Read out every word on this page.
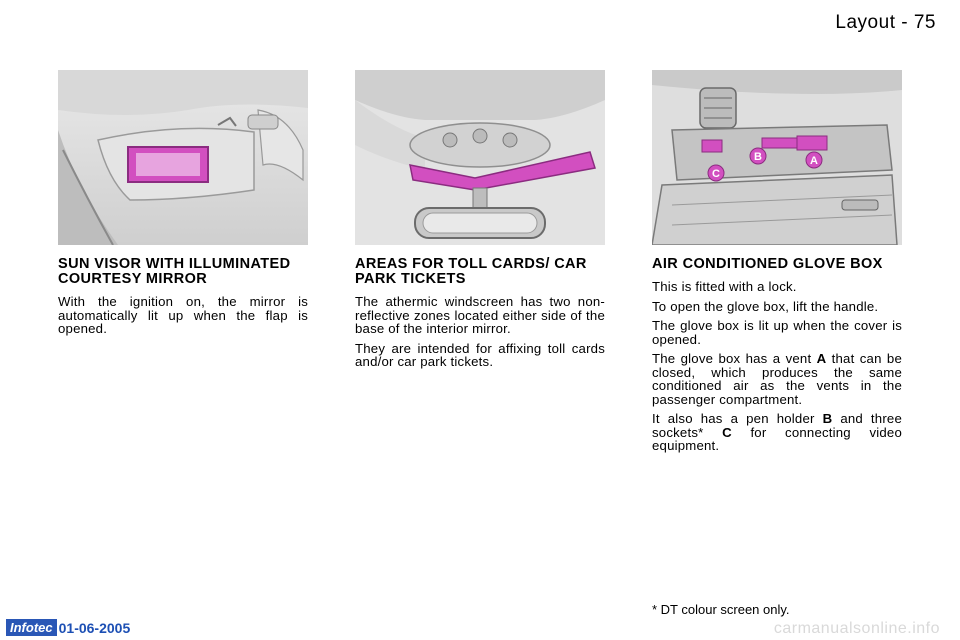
Layout - 75
SUN VISOR WITH ILLUMINATED COURTESY MIRROR

With the ignition on, the mirror is automatically lit up when the flap is opened.

AREAS FOR TOLL CARDS/ CAR PARK TICKETS

The athermic windscreen has two non-reflective zones located either side of the base of the interior mirror.

They are intended for affixing toll cards and/or car park tickets.

C
B	A
AIR CONDITIONED GLOVE BOX

This is fitted with a lock.

To open the glove box, lift the handle.

The glove box is lit up when the cover is opened.

The glove box has a vent A that can be closed, which produces the same conditioned air as the vents in the passenger compartment.

It also has a pen holder B and three sockets* C for connecting video equipment.

* DT colour screen only.
Infotec 01-06-2005	carmanualsonline.info
